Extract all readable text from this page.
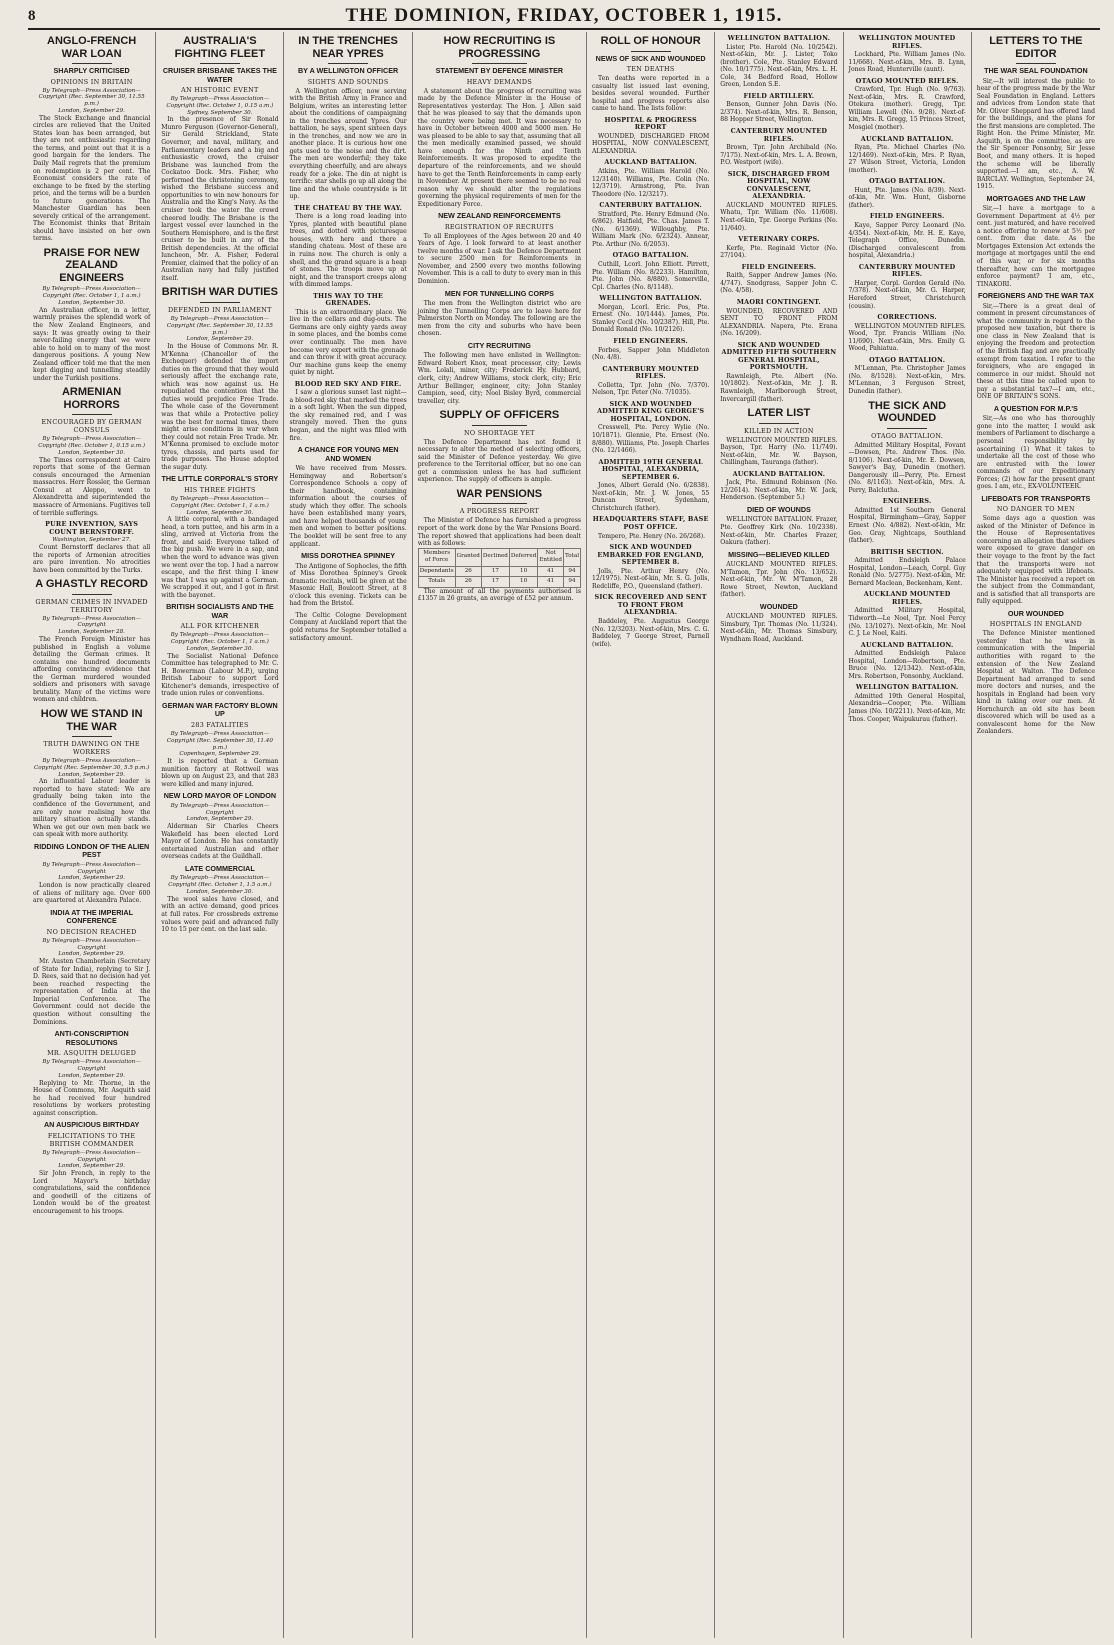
8	THE DOMINION, FRIDAY, OCTOBER 1, 1915.
ANGLO-FRENCH WAR LOAN
SHARPLY CRITICISED
OPINIONS IN BRITAIN
By Telegraph—Press Association—Copyright (Rec. September 30, 11.55 p.m.)
London, September 29.
The Stock Exchange and financial circles are relieved that the United States loan has been arranged, but they are not enthusiastic regarding the terms, and point out that it is a good bargain for the lenders. The Daily Mail regrets that the premium on redemption is 2 per cent. The Economist considers the rate of exchange to be fixed by the sterling price, and the terms will be a burden to future generations. The Manchester Guardian has been severely critical of the arrangement. The Economist thinks that Britain should have insisted on her own terms.
PRAISE FOR NEW ZEALAND ENGINEERS
By Telegraph—Press Association—Copyright (Rec. October 1, 1 a.m.)
London, September 30.
An Australian officer, in a letter, warmly praises the splendid work of the New Zealand Engineers, and says: It was greatly owing to their never-failing energy that we were able to hold on to many of the most dangerous positions. A young New Zealand officer told me that the men kept digging and tunnelling steadily under the Turkish positions.
ARMENIAN HORRORS
ENCOURAGED BY GERMAN CONSULS
By Telegraph—Press Association—Copyright (Rec. October 1, 0.15 a.m.)
London, September 30.
The Times correspondent at Cairo reports that some of the German consuls encouraged the Armenian massacres. Herr Rossler, the German Consul at Aleppo, went to Alexandretta and superintended the massacre of Armenians. Fugitives tell of terrible sufferings.
PURE INVENTION, SAYS COUNT BERNSTORFF.
Washington, September 27.
Count Bernstorff declares that all the reports of Armenian atrocities are pure invention. No atrocities have been committed by the Turks.
A GHASTLY RECORD
GERMAN CRIMES IN INVADED TERRITORY
By Telegraph—Press Association—Copyright
London, September 28.
The French Foreign Minister has published in English a volume detailing the German crimes. It contains one hundred documents affording convincing evidence that the German murdered wounded soldiers and prisoners with savage brutality. Many of the victims were women and children.
HOW WE STAND IN THE WAR
TRUTH DAWNING ON THE WORKERS
By Telegraph—Press Association—Copyright (Rec. September 30, 5.5 p.m.)
London, September 29.
An influential Labour leader is reported to have stated: We are gradually being taken into the confidence of the Government, and are only now realising how the military situation actually stands. When we get our own men back we can speak with more authority.
RIDDING LONDON OF THE ALIEN PEST
By Telegraph—Press Association—Copyright
London, September 29.
London is now practically cleared of aliens of military age. Over 600 are quartered at Alexandra Palace.
INDIA AT THE IMPERIAL CONFERENCE
NO DECISION REACHED
By Telegraph—Press Association—Copyright
London, September 29.
Mr. Austen Chamberlain (Secretary of State for India), replying to Sir J. D. Rees, said that no decision had yet been reached respecting the representation of India at the Imperial Conference. The Government could not decide the question without consulting the Dominions.
ANTI-CONSCRIPTION RESOLUTIONS
MR. ASQUITH DELUGED
By Telegraph—Press Association—Copyright
London, September 29.
Replying to Mr. Thorne, in the House of Commons, Mr. Asquith said he had received four hundred resolutions by workers protesting against conscription.
AN AUSPICIOUS BIRTHDAY
FELICITATIONS TO THE BRITISH COMMANDER
By Telegraph—Press Association—Copyright
London, September 29.
Sir John French, in reply to the Lord Mayor's birthday congratulations, said the confidence and goodwill of the citizens of London would be of the greatest encouragement to his troops.
AUSTRALIA'S FIGHTING FLEET
CRUISER BRISBANE TAKES THE WATER
AN HISTORIC EVENT
By Telegraph—Press Association—Copyright (Rec. October 1, 0.15 a.m.)
Sydney, September 30.
In the presence of Sir Ronald Munro Ferguson (Governor-General), Sir Gerald Strickland, State Governor, and naval, military, and Parliamentary leaders and a big and enthusiastic crowd, the cruiser Brisbane was launched from the Cockatoo Dock. Mrs. Fisher, who performed the christening ceremony, wished the Brisbane success and opportunities to win new honours for Australia and the King's Navy. As the cruiser took the water the crowd cheered loudly. The Brisbane is the largest vessel ever launched in the Southern Hemisphere, and is the first cruiser to be built in any of the British dependencies. At the official luncheon, Mr. A. Fisher, Federal Premier, claimed that the policy of an Australian navy had fully justified itself.
BRITISH WAR DUTIES
DEFENDED IN PARLIAMENT
By Telegraph—Press Association—Copyright (Rec. September 30, 11.55 p.m.)
London, September 29.
In the House of Commons Mr. R. M'Kenna (Chancellor of the Exchequer) defended the import duties on the ground that they would seriously affect the exchange rate, which was now against us. He repudiated the contention that the duties would prejudice Free Trade. The whole case of the Government was that while a Protective policy was the best for normal times, there might arise conditions in war when they could not retain Free Trade. Mr. M'Kenna promised to exclude motor tyres, chassis, and parts used for trade purposes. The House adopted the sugar duty.
THE LITTLE CORPORAL'S STORY
HIS THREE FIGHTS
By Telegraph—Press Association—Copyright (Rec. October 1, 1 a.m.)
London, September 30.
A little corporal, with a bandaged head, a torn puttee, and his arm in a sling, arrived at Victoria from the front, and said: Everyone talked of the big push. We were in a sap, and when the word to advance was given we went over the top. I had a narrow escape, and the first thing I knew was that I was up against a German. We scrapped it out, and I got in first with the bayonet.
BRITISH SOCIALISTS AND THE WAR
ALL FOR KITCHENER
By Telegraph—Press Association—Copyright (Rec. October 1, 1 a.m.)
London, September 30.
The Socialist National Defence Committee has telegraphed to Mr. C. H. Bowerman (Labour M.P.), urging British Labour to support Lord Kitchener's demands, irrespective of trade union rules or conventions.
GERMAN WAR FACTORY BLOWN UP
283 FATALITIES
By Telegraph—Press Association—Copyright (Rec. September 30, 11.40 p.m.)
Copenhagen, September 29.
It is reported that a German munition factory at Rottweil was blown up on August 23, and that 283 were killed and many injured.
NEW LORD MAYOR OF LONDON
By Telegraph—Press Association—Copyright
London, September 29.
Alderman Sir Charles Cheers Wakefield has been elected Lord Mayor of London. He has constantly entertained Australian and other overseas cadets at the Guildhall.
LATE COMMERCIAL
By Telegraph—Press Association—Copyright (Rec. October 1, 1.5 a.m.)
London, September 30.
The wool sales have closed, and with an active demand, good prices at full rates. For crossbreds extreme values were paid and advanced fully 10 to 15 per cent. on the last sale.
IN THE TRENCHES NEAR YPRES
BY A WELLINGTON OFFICER
SIGHTS AND SOUNDS
A Wellington officer, now serving with the British Army in France and Belgium, writes an interesting letter about the conditions of campaigning in the trenches around Ypres. Our battalion, he says, spent sixteen days in the trenches, and now we are in another place. It is curious how one gets used to the noise and the dirt. The men are wonderful; they take everything cheerfully, and are always ready for a joke. The din at night is terrific: star shells go up all along the line and the whole countryside is lit up.
THE CHATEAU BY THE WAY.
There is a long road leading into Ypres, planted with beautiful plane trees, and dotted with picturesque houses, with here and there a standing chateau. Most of these are in ruins now. The church is only a shell, and the grand square is a heap of stones. The troops move up at night, and the transport creeps along with dimmed lamps.
THIS WAY TO THE GRENADES.
This is an extraordinary place. We live in the cellars and dug-outs. The Germans are only eighty yards away in some places, and the bombs come over continually. The men have become very expert with the grenade and can throw it with great accuracy. Our machine guns keep the enemy quiet by night.
BLOOD RED SKY AND FIRE.
I saw a glorious sunset last night—a blood-red sky that marked the trees in a soft light. When the sun dipped, the sky remained red, and I was strangely moved. Then the guns began, and the night was filled with fire.
A CHANCE FOR YOUNG MEN AND WOMEN
We have received from Messrs. Hemingway and Robertson's Correspondence Schools a copy of their handbook, containing information about the courses of study which they offer. The schools have been established many years, and have helped thousands of young men and women to better positions. The booklet will be sent free to any applicant.
MISS DOROTHEA SPINNEY
The Antigone of Sophocles, the fifth of Miss Dorothea Spinney's Greek dramatic recitals, will be given at the Masonic Hall, Boulcott Street, at 8 o'clock this evening. Tickets can be had from the Bristol.
The Celtic Cologne Development Company at Auckland report that the gold returns for September totalled a satisfactory amount.
HOW RECRUITING IS PROGRESSING
STATEMENT BY DEFENCE MINISTER
HEAVY DEMANDS
A statement about the progress of recruiting was made by the Defence Minister in the House of Representatives yesterday. The Hon. J. Allen said that he was pleased to say that the demands upon the country were being met. It was necessary to have in October between 4000 and 5000 men. He was pleased to be able to say that, assuming that all the men medically examined passed, we should have enough for the Ninth and Tenth Reinforcements. It was proposed to expedite the departure of the reinforcements, and we should have to get the Tenth Reinforcements in camp early in November. At present there seemed to be no real reason why we should alter the regulations governing the physical requirements of men for the Expeditionary Force.
NEW ZEALAND REINFORCEMENTS
REGISTRATION OF RECRUITS
To all Employees of the Ages between 20 and 40 Years of Age. I look forward to at least another twelve months of war. I ask the Defence Department to secure 2500 men for Reinforcements in November, and 2500 every two months following November. This is a call to duty to every man in this Dominion.
MEN FOR TUNNELLING CORPS
The men from the Wellington district who are joining the Tunnelling Corps are to leave here for Palmerston North on Monday. The following are the men from the city and suburbs who have been chosen.
CITY RECRUITING
The following men have enlisted in Wellington: Edward Robert Knox, meat processor, city; Lewis Wm. Lolali, miner, city; Frederick Hy. Hubbard, clerk, city; Andrew Williams, stock clerk, city; Eric Arthur Bellinger, engineer, city; John Stanley Campion, seed, city; Noel Bisley Byrd, commercial traveller, city.
SUPPLY OF OFFICERS
NO SHORTAGE YET
The Defence Department has not found it necessary to alter the method of selecting officers, said the Minister of Defence yesterday. We give preference to the Territorial officer, but no one can get a commission unless he has had sufficient experience. The supply of officers is ample.
WAR PENSIONS
A PROGRESS REPORT
The Minister of Defence has furnished a progress report of the work done by the War Pensions Board. The report showed that applications had been dealt with as follows:
Members of Force	Granted	Declined	Deferred	Not Entitled	Total
Dependants	26	17	10	41	94
Totals	26	17	10	41	94
The amount of all the payments authorised is £1357 in 26 grants, an average of £52 per annum.
ROLL OF HONOUR
NEWS OF SICK AND WOUNDED
TEN DEATHS
Ten deaths were reported in a casualty list issued last evening, besides several wounded. Further hospital and progress reports also came to hand. The lists follow:
HOSPITAL & PROGRESS REPORT
WOUNDED, DISCHARGED FROM HOSPITAL, NOW CONVALESCENT, ALEXANDRIA.
AUCKLAND BATTALION.
Atkins, Pte. William Harold (No. 12/3140). Williams, Pte. Colin (No. 12/3719). Armstrong, Pte. Ivan Theodore (No. 12/3217).
CANTERBURY BATTALION.
Stratford, Pte. Henry Edmund (No. 6/862). Hatfield, Pte. Chas. James T. (No. 6/1369). Willoughby, Pte. William Mark (No. 6/2324). Annear, Pte. Arthur (No. 6/2053).
OTAGO BATTALION.
Cuthill, Lcorl. John Elliott. Pirrett, Pte. William (No. 8/2233). Hamilton, Pte. John (No. 8/880). Somerville, Cpl. Charles (No. 8/1148).
WELLINGTON BATTALION.
Morgan, Lcorl. Eric. Pos, Pte. Ernest (No. 10/1444). James, Pte. Stanley Cecil (No. 10/2387). Hill, Pte. Donald Ronald (No. 10/2126).
FIELD ENGINEERS.
Forbes, Sapper John Middleton (No. 4/8).
CANTERBURY MOUNTED RIFLES.
Colletta, Tpr. John (No. 7/370). Nelson, Tpr. Peter (No. 7/1035).
SICK AND WOUNDED ADMITTED KING GEORGE'S HOSPITAL, LONDON.
Cresswell, Pte. Percy Wylie (No. 10/1871). Glennie, Pte. Ernest (No. 8/880). Williams, Pte. Joseph Charles (No. 12/1466).
ADMITTED 19TH GENERAL HOSPITAL, ALEXANDRIA, SEPTEMBER 6.
Jones, Albert Gerald (No. 6/2838). Next-of-kin, Mr. J. W. Jones, 55 Duncan Street, Sydenham, Christchurch (father).
HEADQUARTERS STAFF, BASE POST OFFICE.
Tempero, Pte. Henry (No. 26/268).
SICK AND WOUNDED EMBARKED FOR ENGLAND, SEPTEMBER 8.
Jolls, Pte. Arthur Henry (No. 12/1975). Next-of-kin, Mr. S. G. Jolls, Redcliffe, P.O., Queensland (father).
SICK RECOVERED AND SENT TO FRONT FROM ALEXANDRIA.
Baddeley, Pte. Augustus George (No. 12/3203). Next-of-kin, Mrs. C. G. Baddeley, 7 George Street, Parnell (wife).
WELLINGTON BATTALION.
Lister, Pte. Harold (No. 10/2542). Next-of-kin, Mr. J. Lister, Toko (brother). Cole, Pte. Stanley Edward (No. 10/1775). Next-of-kin, Mrs. L. H. Cole, 34 Bedford Road, Hollow Green, London S.E.
FIELD ARTILLERY.
Benson, Gunner John Davis (No. 2/374). Next-of-kin, Mrs. R. Benson, 88 Hopper Street, Wellington.
CANTERBURY MOUNTED RIFLES.
Brown, Tpr. John Archibald (No. 7/175). Next-of-kin, Mrs. L. A. Brown, P.O. Westport (wife).
SICK, DISCHARGED FROM HOSPITAL, NOW CONVALESCENT, ALEXANDRIA.
AUCKLAND MOUNTED RIFLES. Whatu, Tpr. William (No. 11/608). Next-of-kin, Tpr. George Perkins (No. 11/640).
VETERINARY CORPS.
Kerfe, Pte. Reginald Victor (No. 27/104).
FIELD ENGINEERS.
Raith, Sapper Andrew James (No. 4/747). Snodgrass, Sapper John C. (No. 4/58).
MAORI CONTINGENT.
WOUNDED, RECOVERED AND SENT TO FRONT FROM ALEXANDRIA. Napera, Pte. Erana (No. 16/209).
SICK AND WOUNDED ADMITTED FIFTH SOUTHERN GENERAL HOSPITAL, PORTSMOUTH.
Rawnleigh, Pte. Albert (No. 10/1802). Next-of-kin, Mr. J. R. Rawnleigh, Marlborough Street, Invercargill (father).
LATER LIST
KILLED IN ACTION
WELLINGTON MOUNTED RIFLES. Bayson, Tpr. Harry (No. 11/749). Next-of-kin, Mr. W. Bayson, Chillingham, Tauranga (father).
AUCKLAND BATTALION.
Jack, Pte. Edmund Robinson (No. 12/2614). Next-of-kin, Mr. W. Jack, Henderson. (September 5.)
DIED OF WOUNDS
WELLINGTON BATTALION. Frazer, Pte. Geoffrey Kirk (No. 10/2338). Next-of-kin, Mr. Charles Frazer, Oakura (father).
MISSING—BELIEVED KILLED
AUCKLAND MOUNTED RIFLES. M'Tamon, Tpr. John (No. 13/652). Next-of-kin, Mr. W. M'Tamon, 28 Rowe Street, Newton, Auckland (father).
WOUNDED
AUCKLAND MOUNTED RIFLES. Simsbury, Tpr. Thomas (No. 11/324). Next-of-kin, Mr. Thomas Simsbury, Wyndham Road, Auckland.
WELLINGTON MOUNTED RIFLES.
Lockhard, Pte. William James (No. 11/668). Next-of-kin, Mrs. B. Lynn, Jones Road, Hunterville (aunt).
OTAGO MOUNTED RIFLES.
Crawford, Tpr. Hugh (No. 9/763). Next-of-kin, Mrs. R. Crawford, Otekura (mother). Gregg, Tpr. William Lewell (No. 9/28). Next-of-kin, Mrs. R. Gregg, 15 Princes Street, Mosgiel (mother).
AUCKLAND BATTALION.
Ryan, Pte. Michael Charles (No. 12/1469). Next-of-kin, Mrs. P. Ryan, 27 Wilson Street, Victoria, London (mother).
OTAGO BATTALION.
Hunt, Pte. James (No. 8/39). Next-of-kin, Mr. Wm. Hunt, Gisborne (father).
FIELD ENGINEERS.
Kaye, Sapper Percy Leonard (No. 4/354). Next-of-kin, Mr. H. E. Kaye, Telegraph Office, Dunedin. (Discharged convalescent from hospital, Alexandria.)
CANTERBURY MOUNTED RIFLES.
Harper, Corpl. Gordon Gerald (No. 7/378). Next-of-kin, Mr. G. Harper, Hereford Street, Christchurch (cousin).
CORRECTIONS.
WELLINGTON MOUNTED RIFLES. Wood, Tpr. Francis William (No. 11/690). Next-of-kin, Mrs. Emily G. Wood, Pahiatua.
OTAGO BATTALION.
M'Lennan, Pte. Christopher James (No. 8/1528). Next-of-kin, Mrs. M'Lennan, 3 Ferguson Street, Dunedin (father).
THE SICK AND WOUNDED
OTAGO BATTALION.
Admitted Military Hospital, Fovant—Dowsen, Pte. Andrew Thos. (No. 8/1106). Next-of-kin, Mr. E. Dowsen, Sawyer's Bay, Dunedin (mother). Dangerously ill—Perry, Pte. Ernest (No. 8/1163). Next-of-kin, Mrs. A. Perry, Balclutha.
ENGINEERS.
Admitted 1st Southern General Hospital, Birmingham—Gray, Sapper Ernest (No. 4/882). Next-of-kin, Mr. Geo. Gray, Nightcaps, Southland (father).
BRITISH SECTION.
Admitted Endsleigh Palace Hospital, London—Leach, Corpl. Guy Ronald (No. 5/2775). Next-of-kin, Mr. Bernard Maclean, Beckenham, Kent.
AUCKLAND MOUNTED RIFLES.
Admitted Military Hospital, Tidworth—Le Noel, Tpr. Noel Percy (No. 13/1027). Next-of-kin, Mr. Noel C. J. Le Noel, Kaiti.
AUCKLAND BATTALION.
Admitted Endsleigh Palace Hospital, London—Robertson, Pte. Bruce (No. 12/1342). Next-of-kin, Mrs. Robertson, Ponsonby, Auckland.
WELLINGTON BATTALION.
Admitted 19th General Hospital, Alexandria—Cooper, Pte. William James (No. 10/2211). Next-of-kin, Mr. Thos. Cooper, Waipukurau (father).
LETTERS TO THE EDITOR
THE WAR SEAL FOUNDATION
Sir,—It will interest the public to hear of the progress made by the War Seal Foundation in England. Letters and advices from London state that Mr. Oliver Sheppard has offered land for the buildings, and the plans for the first mansions are completed. The Right Hon. the Prime Minister, Mr. Asquith, is on the committee, as are the Sir Spencer Ponsonby, Sir Jesse Boot, and many others. It is hoped the scheme will be liberally supported.—I am, etc., A. W. BARCLAY. Wellington, September 24, 1915.
MORTGAGES AND THE LAW
Sir,—I have a mortgage to a Government Department at 4½ per cent. just matured, and have received a notice offering to renew at 5½ per cent. from due date. As the Mortgages Extension Act extends the mortgage at mortgages until the end of this war, or for six months thereafter, how can the mortgagee enforce payment? I am, etc., TINAKORI.
FOREIGNERS AND THE WAR TAX
Sir,—There is a great deal of comment in present circumstances of what the community in regard to the proposed new taxation, but there is one class in New Zealand that is enjoying the freedom and protection of the British flag and are practically exempt from taxation. I refer to the foreigners, who are engaged in commerce in our midst. Should not these at this time be called upon to pay a substantial tax?—I am, etc., ONE OF BRITAIN'S SONS.
A QUESTION FOR M.P.'S
Sir,—As one who has thoroughly gone into the matter, I would ask members of Parliament to discharge a personal responsibility by ascertaining (1) What it takes to undertake all the cost of those who are entrusted with the lower commands of our Expeditionary Forces; (2) how far the present grant goes. I am, etc., EX-VOLUNTEER.
LIFEBOATS FOR TRANSPORTS
NO DANGER TO MEN
Some days ago a question was asked of the Minister of Defence in the House of Representatives concerning an allegation that soldiers were exposed to grave danger on their voyage to the front by the fact that the transports were not adequately equipped with lifeboats. The Minister has received a report on the subject from the Commandant, and is satisfied that all transports are fully equipped.
OUR WOUNDED
HOSPITALS IN ENGLAND
The Defence Minister mentioned yesterday that he was in communication with the Imperial authorities with regard to the extension of the New Zealand Hospital at Walton. The Defence Department had arranged to send more doctors and nurses, and the hospitals in England had been very kind in taking over our men. At Hornchurch an old site has been discovered which will be used as a convalescent home for the New Zealanders.
